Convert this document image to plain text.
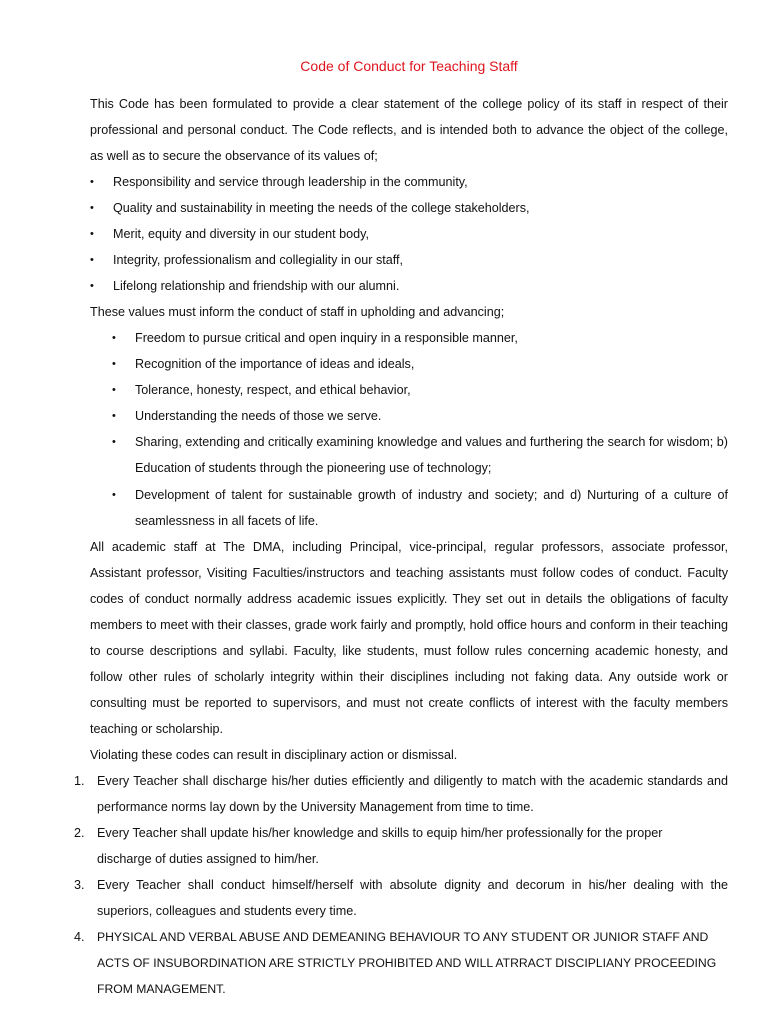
Code of Conduct for Teaching Staff
This Code has been formulated to provide a clear statement of the college policy of its staff in respect of their professional and personal conduct. The Code reflects, and is intended both to advance the object of the college, as well as to secure the observance of its values of;
• Responsibility and service through leadership in the community,
• Quality and sustainability in meeting the needs of the college stakeholders,
• Merit, equity and diversity in our student body,
• Integrity, professionalism and collegiality in our staff,
• Lifelong relationship and friendship with our alumni.
These values must inform the conduct of staff in upholding and advancing;
• Freedom to pursue critical and open inquiry in a responsible manner,
• Recognition of the importance of ideas and ideals,
• Tolerance, honesty, respect, and ethical behavior,
• Understanding the needs of those we serve.
• Sharing, extending and critically examining knowledge and values and furthering the search for wisdom; b) Education of students through the pioneering use of technology;
• Development of talent for sustainable growth of industry and society; and d) Nurturing of a culture of seamlessness in all facets of life.
All academic staff at The DMA, including Principal, vice-principal, regular professors, associate professor, Assistant professor, Visiting Faculties/instructors and teaching assistants must follow codes of conduct. Faculty codes of conduct normally address academic issues explicitly. They set out in details the obligations of faculty members to meet with their classes, grade work fairly and promptly, hold office hours and conform in their teaching to course descriptions and syllabi. Faculty, like students, must follow rules concerning academic honesty, and follow other rules of scholarly integrity within their disciplines including not faking data. Any outside work or consulting must be reported to supervisors, and must not create conflicts of interest with the faculty members teaching or scholarship.
Violating these codes can result in disciplinary action or dismissal.
1. Every Teacher shall discharge his/her duties efficiently and diligently to match with the academic standards and performance norms lay down by the University Management from time to time.
2. Every Teacher shall update his/her knowledge and skills to equip him/her professionally for the proper discharge of duties assigned to him/her.
3. Every Teacher shall conduct himself/herself with absolute dignity and decorum in his/her dealing with the superiors, colleagues and students every time.
4. PHYSICAL AND VERBAL ABUSE AND DEMEANING BEHAVIOUR TO ANY STUDENT OR JUNIOR STAFF AND ACTS OF INSUBORDINATION ARE STRICTLY PROHIBITED AND WILL ATRRACT DISCIPLIANY PROCEEDING FROM MANAGEMENT.
